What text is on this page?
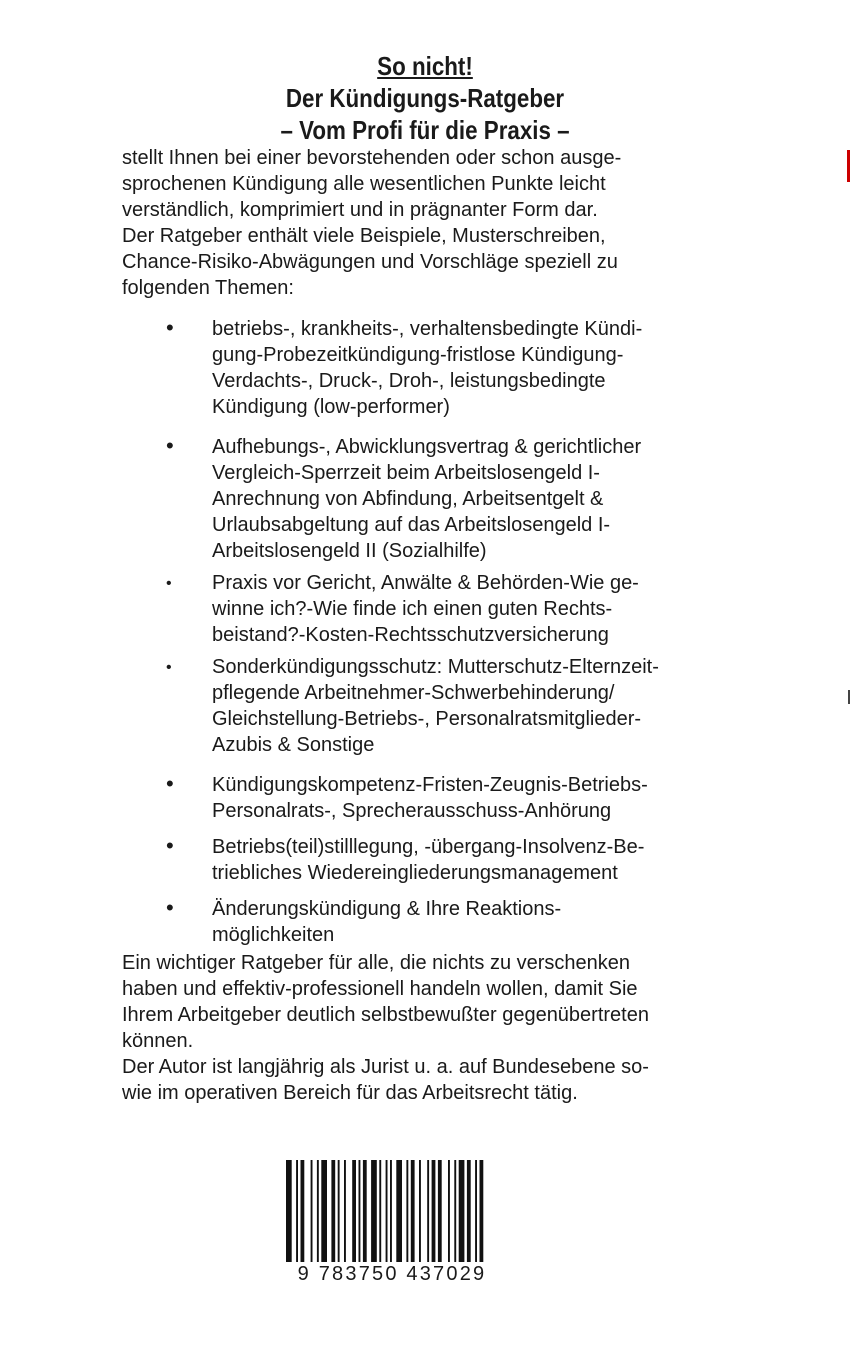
So nicht!
Der Kündigungs-Ratgeber
– Vom Profi für die Praxis –
stellt Ihnen bei einer bevorstehenden oder schon ausge-
sprochenen Kündigung alle wesentlichen Punkte leicht
verständlich, komprimiert und in prägnanter Form dar.
Der Ratgeber enthält viele Beispiele, Musterschreiben,
Chance-Risiko-Abwägungen und Vorschläge speziell zu
folgenden Themen:
• betriebs-, krankheits-, verhaltensbedingte Kündi-
gung-Probezeitkündigung-fristlose Kündigung-
Verdachts-, Druck-, Droh-, leistungsbedingte
Kündigung (low-performer)
• Aufhebungs-, Abwicklungsvertrag & gerichtlicher
Vergleich-Sperrzeit beim Arbeitslosengeld I-
Anrechnung von Abfindung, Arbeitsentgelt &
Urlaubsabgeltung auf das Arbeitslosengeld I-
Arbeitslosengeld II (Sozialhilfe)
• Praxis vor Gericht, Anwälte & Behörden-Wie ge-
winne ich?-Wie finde ich einen guten Rechts-
beistand?-Kosten-Rechtsschutzversicherung
• Sonderkündigungsschutz: Mutterschutz-Elternzeit-
pflegende Arbeitnehmer-Schwerbehinderung/
Gleichstellung-Betriebs-, Personalratsmitglieder-
Azubis & Sonstige
• Kündigungskompetenz-Fristen-Zeugnis-Betriebs-
Personalrats-, Sprecherausschuss-Anhörung
• Betriebs(teil)stilllegung, -übergang-Insolvenz-Be-
triebliches Wiedereingliederungsmanagement
• Änderungskündigung & Ihre Reaktions-
möglichkeiten
Ein wichtiger Ratgeber für alle, die nichts zu verschenken
haben und effektiv-professionell handeln wollen, damit Sie
Ihrem Arbeitgeber deutlich selbstbewußter gegenübertreten
können.
Der Autor ist langjährig als Jurist u. a. auf Bundesebene so-
wie im operativen Bereich für das Arbeitsrecht tätig.
9 783750 437029
